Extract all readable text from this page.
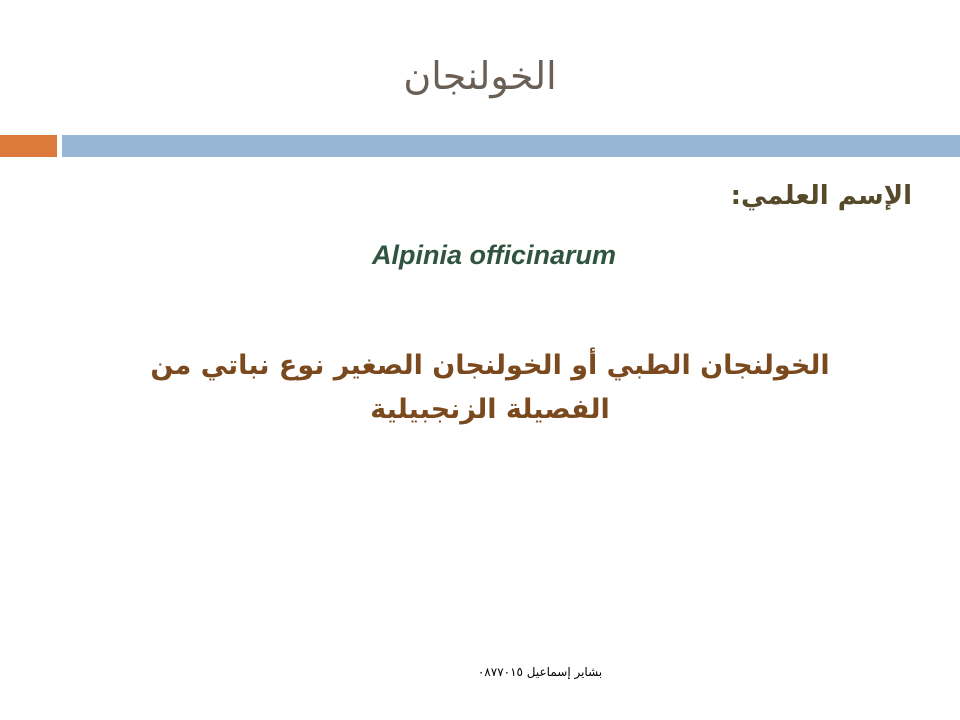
الخولنجان
الإسم العلمي:
Alpinia officinarum
الخولنجان الطبي أو الخولنجان الصغير نوع نباتي من الفصيلة الزنجبيلية
بشاير إسماعيل ٠٨٧٧٠١٥
